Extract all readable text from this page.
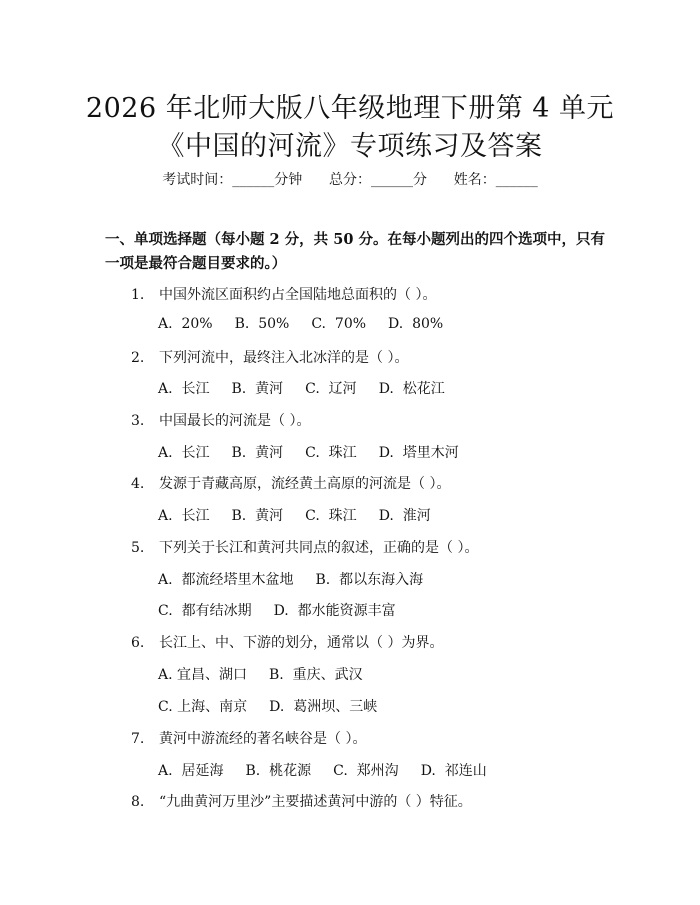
2026 年北师大版八年级地理下册第 4 单元
《中国的河流》专项练习及答案
考试时间：______分钟      总分：______分      姓名：______
一、单项选择题（每小题 2 分，共 50 分。在每小题列出的四个选项中，只有一项是最符合题目要求的。）
1. 中国外流区面积约占全国陆地总面积的（ ）。
A.  20% B.  50% C.  70% D.  80%
2. 下列河流中，最终注入北冰洋的是（ ）。
A.  长江 B.  黄河 C.  辽河 D.  松花江
3. 中国最长的河流是（ ）。
A.  长江 B.  黄河 C.  珠江 D.  塔里木河
4. 发源于青藏高原，流经黄土高原的河流是（ ）。
A.  长江 B.  黄河 C.  珠江 D.  淮河
5. 下列关于长江和黄河共同点的叙述，正确的是（ ）。
A.  都流经塔里木盆地 B.  都以东海入海
C.  都有结冰期 D.  都水能资源丰富
6. 长江上、中、下游的划分，通常以（ ）为界。
A. 宜昌、湖口 B.  重庆、武汉
C. 上海、南京 D.  葛洲坝、三峡
7. 黄河中游流经的著名峡谷是（ ）。
A.  居延海 B.  桃花源 C.  郑州沟 D.  祁连山
8. “九曲黄河万里沙”主要描述黄河中游的（ ）特征。
